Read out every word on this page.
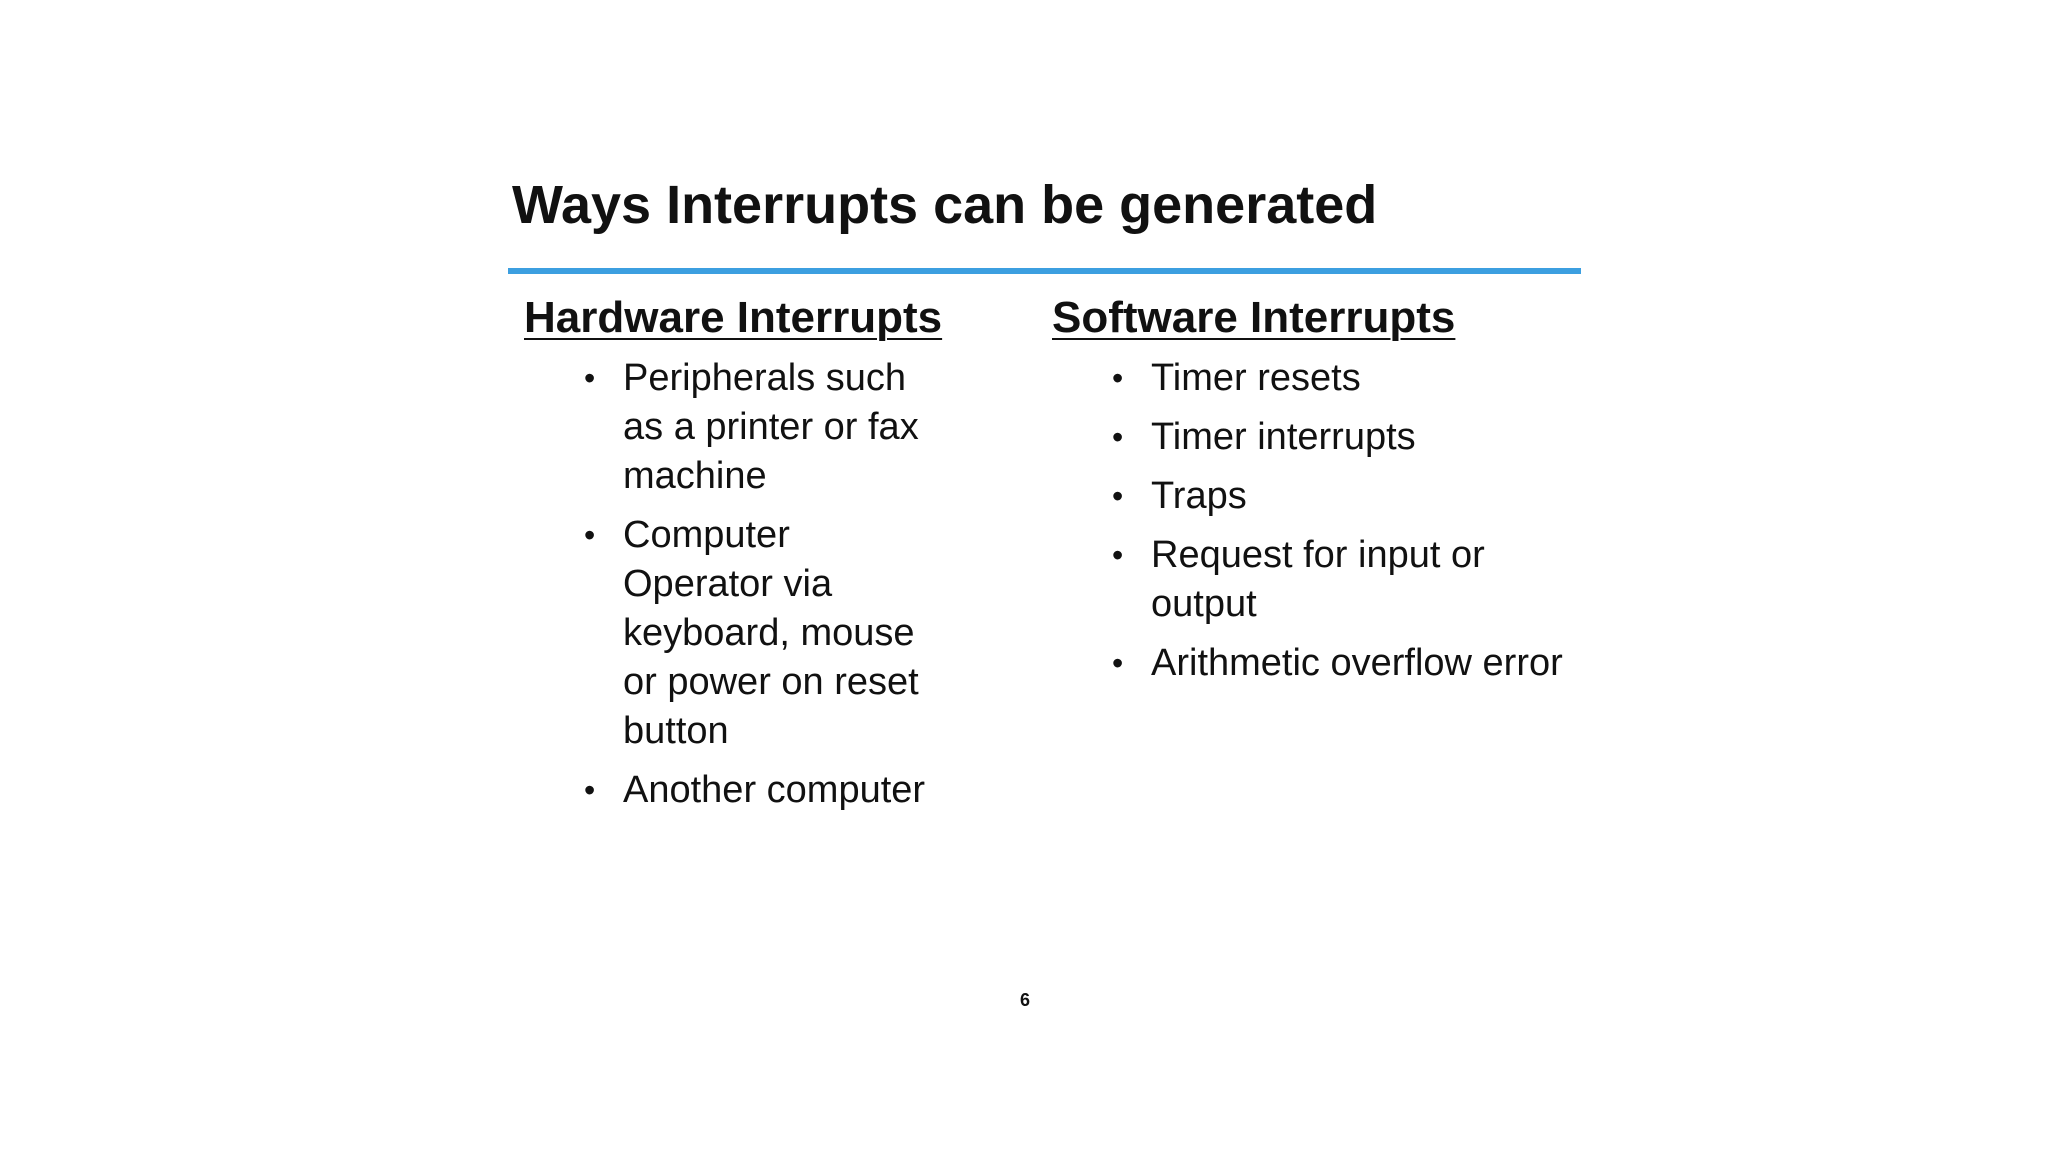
Ways Interrupts can be generated
Hardware Interrupts
• Peripherals such as a printer or fax machine
• Computer Operator via keyboard, mouse or power on reset button
• Another computer
Software Interrupts
• Timer resets
• Timer interrupts
• Traps
• Request for input or output
• Arithmetic overflow error
6
